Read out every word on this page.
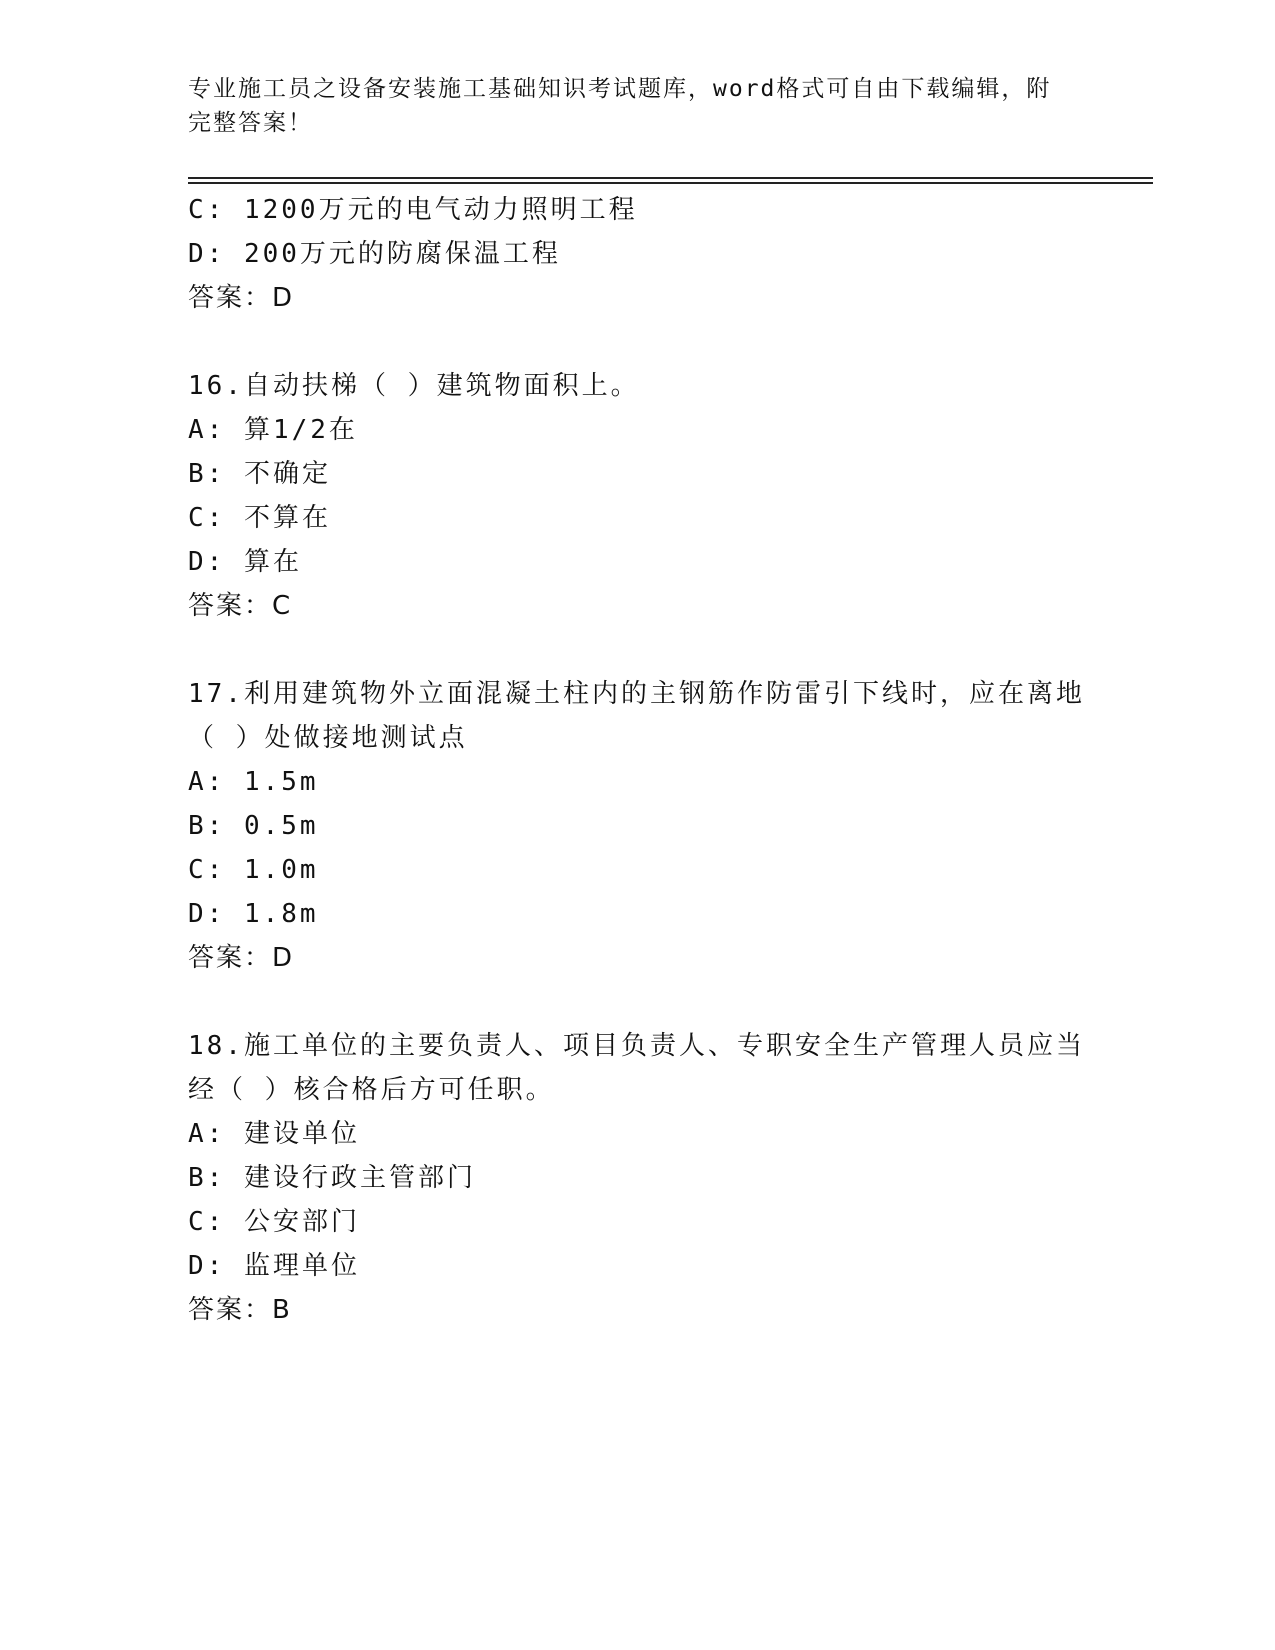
专业施工员之设备安装施工基础知识考试题库，word格式可自由下载编辑，附完整答案！
C: 1200万元的电气动力照明工程
D: 200万元的防腐保温工程
答案：D
16.自动扶梯（ ）建筑物面积上。
A: 算1/2在
B: 不确定
C: 不算在
D: 算在
答案：C
17.利用建筑物外立面混凝土柱内的主钢筋作防雷引下线时，应在离地
（ ）处做接地测试点
A: 1.5m
B: 0.5m
C: 1.0m
D: 1.8m
答案：D
18.施工单位的主要负责人、项目负责人、专职安全生产管理人员应当
经（ ）核合格后方可任职。
A: 建设单位
B: 建设行政主管部门
C: 公安部门
D: 监理单位
答案：B
